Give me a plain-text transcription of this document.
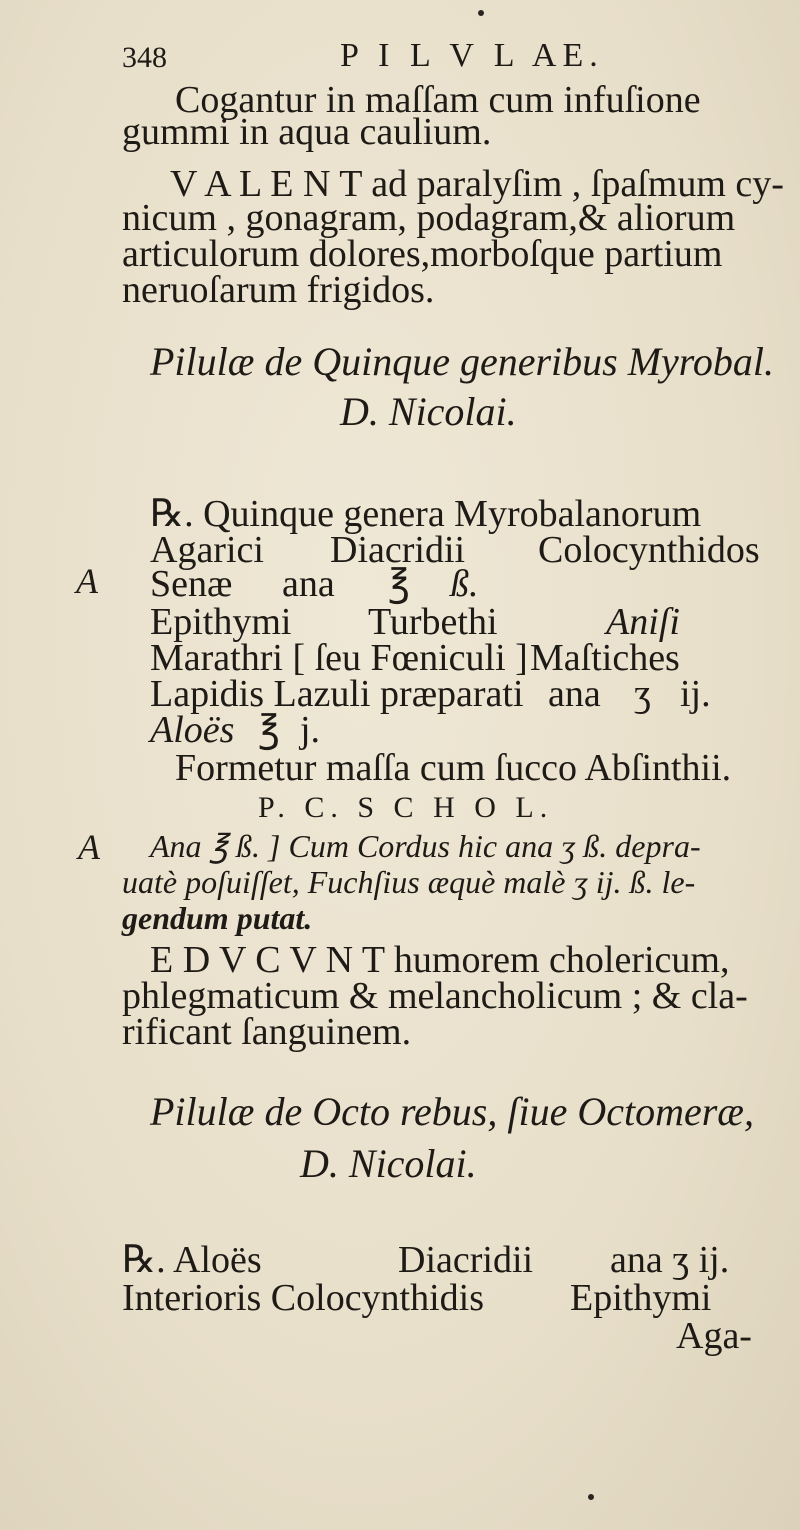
348	P I L V L AE.
Cogantur in maſſam cum infuſione
gummi in aqua caulium.
V A L E N T ad paralyſim , ſpaſmum cy-
nicum , gonagram, podagram,& aliorum
articulorum dolores,morboſque partium
neruoſarum frigidos.
Pilulæ de Quinque generibus Myrobal.
D. Nicolai.
℞. Quinque genera Myrobalanorum
Agarici Diacridii Colocynthidos
A Senæ ana ℥ ß.
Epithymi Turbethi	Aniſi
Marathri [ ſeu Fœniculi ] Maſtiches
Lapidis Lazuli præparati ana ʒ ij.
Aloës ℥ j.
Formetur maſſa cum ſucco Abſinthii.
P. C. S C H O L.
A Ana ℥ ß. ] Cum Cordus hic ana ʒ ß. depra-
uatè poſuiſſet, Fuchſius æquè malè ʒ ij. ß. le-
gendum putat.
E D V C V N T humorem cholericum,
phlegmaticum & melancholicum ; & cla-
rificant ſanguinem.
Pilulæ de Octo rebus, ſiue Octomeræ,
D. Nicolai.
℞. Aloës	Diacridii ana ʒ ij.
Interioris Colocynthidis Epithymi
Aga-
